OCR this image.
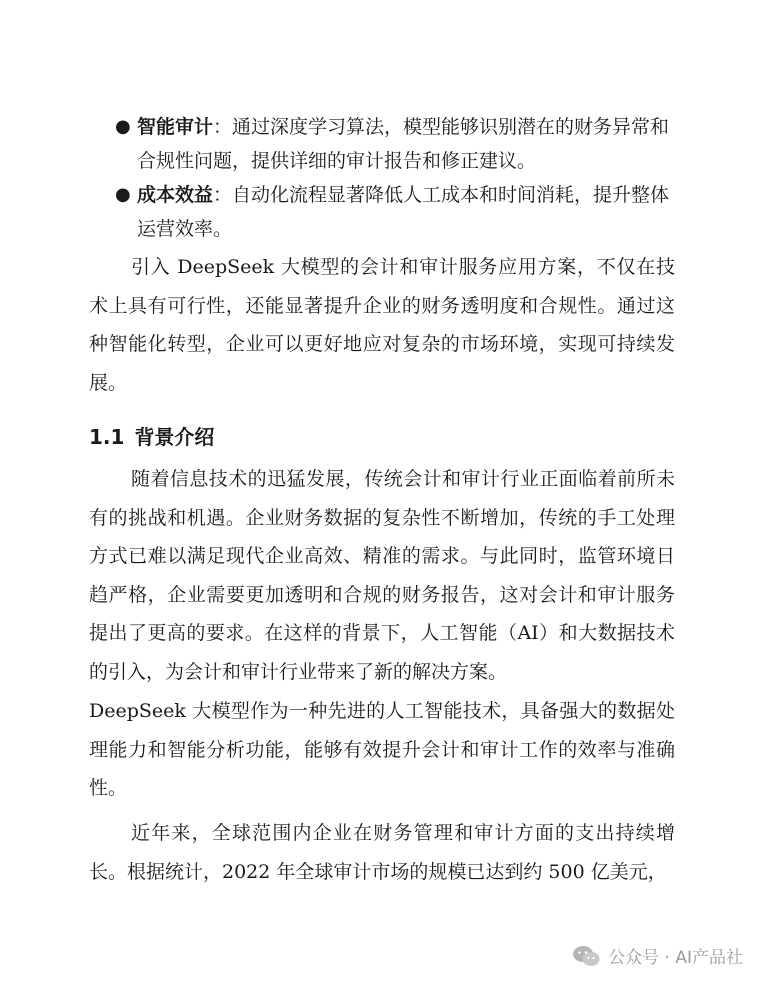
● 智能审计：通过深度学习算法，模型能够识别潜在的财务异常和合规性问题，提供详细的审计报告和修正建议。
● 成本效益：自动化流程显著降低人工成本和时间消耗，提升整体运营效率。

引入 DeepSeek 大模型的会计和审计服务应用方案，不仅在技术上具有可行性，还能显著提升企业的财务透明度和合规性。通过这种智能化转型，企业可以更好地应对复杂的市场环境，实现可持续发展。

1.1 背景介绍

随着信息技术的迅猛发展，传统会计和审计行业正面临着前所未有的挑战和机遇。企业财务数据的复杂性不断增加，传统的手工处理方式已难以满足现代企业高效、精准的需求。与此同时，监管环境日趋严格，企业需要更加透明和合规的财务报告，这对会计和审计服务提出了更高的要求。在这样的背景下，人工智能（AI）和大数据技术的引入，为会计和审计行业带来了新的解决方案。

DeepSeek 大模型作为一种先进的人工智能技术，具备强大的数据处理能力和智能分析功能，能够有效提升会计和审计工作的效率与准确性。

近年来，全球范围内企业在财务管理和审计方面的支出持续增长。根据统计，2022 年全球审计市场的规模已达到约 500 亿美元，

公众号 · AI产品社
